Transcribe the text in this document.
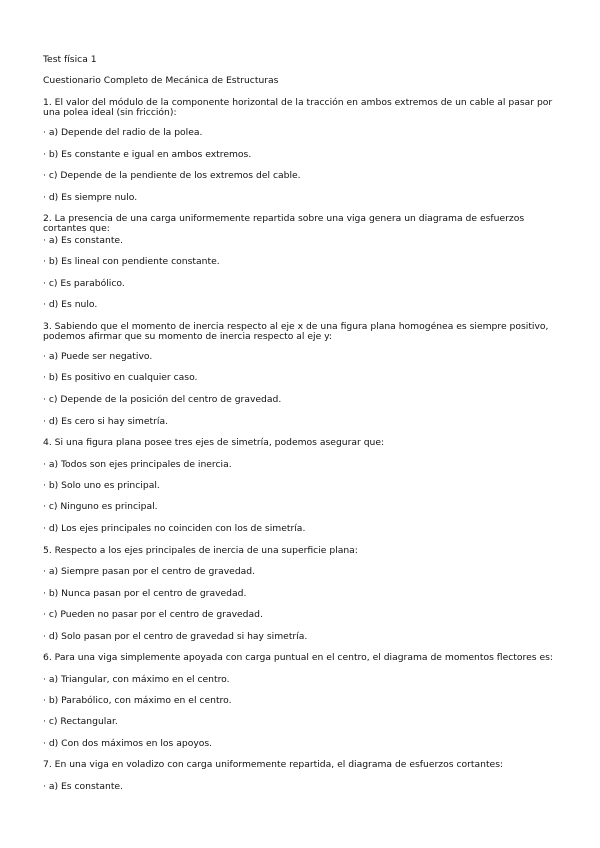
Test física 1
Cuestionario Completo de Mecánica de Estructuras
1. El valor del módulo de la componente horizontal de la tracción en ambos extremos de un cable al pasar por una polea ideal (sin fricción):
· a) Depende del radio de la polea.
· b) Es constante e igual en ambos extremos.
· c) Depende de la pendiente de los extremos del cable.
· d) Es siempre nulo.
2. La presencia de una carga uniformemente repartida sobre una viga genera un diagrama de esfuerzos cortantes que:
· a) Es constante.
· b) Es lineal con pendiente constante.
· c) Es parabólico.
· d) Es nulo.
3. Sabiendo que el momento de inercia respecto al eje x de una figura plana homogénea es siempre positivo, podemos afirmar que su momento de inercia respecto al eje y:
· a) Puede ser negativo.
· b) Es positivo en cualquier caso.
· c) Depende de la posición del centro de gravedad.
· d) Es cero si hay simetría.
4. Si una figura plana posee tres ejes de simetría, podemos asegurar que:
· a) Todos son ejes principales de inercia.
· b) Solo uno es principal.
· c) Ninguno es principal.
· d) Los ejes principales no coinciden con los de simetría.
5. Respecto a los ejes principales de inercia de una superficie plana:
· a) Siempre pasan por el centro de gravedad.
· b) Nunca pasan por el centro de gravedad.
· c) Pueden no pasar por el centro de gravedad.
· d) Solo pasan por el centro de gravedad si hay simetría.
6. Para una viga simplemente apoyada con carga puntual en el centro, el diagrama de momentos flectores es:
· a) Triangular, con máximo en el centro.
· b) Parabólico, con máximo en el centro.
· c) Rectangular.
· d) Con dos máximos en los apoyos.
7. En una viga en voladizo con carga uniformemente repartida, el diagrama de esfuerzos cortantes:
· a) Es constante.
